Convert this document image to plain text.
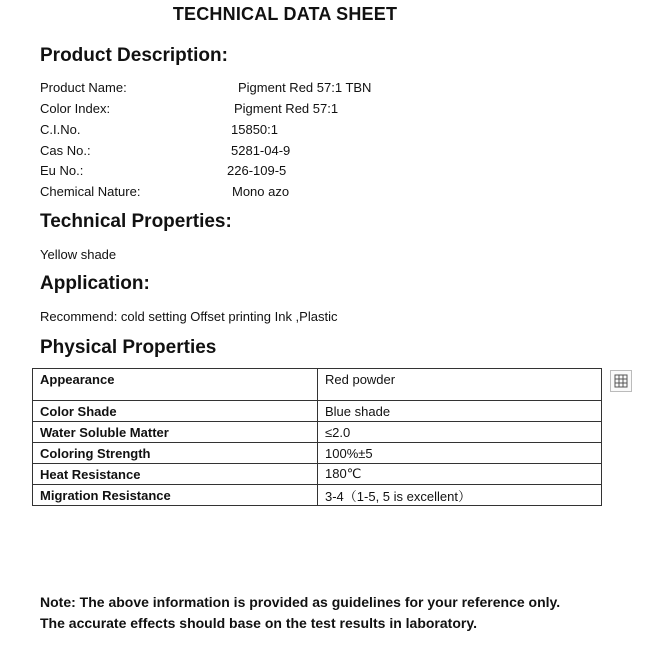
TECHNICAL DATA SHEET
Product Description:
Product Name:	Pigment Red 57:1 TBN
Color Index:	Pigment Red 57:1
C.I.No.	15850:1
Cas No.:	5281-04-9
Eu No.:	226-109-5
Chemical Nature:	Mono azo
Technical Properties:
Yellow shade
Application:
Recommend: cold setting Offset printing Ink ,Plastic
Physical Properties
Appearance	Red powder
Color Shade	Blue shade
Water Soluble Matter	≤2.0
Coloring Strength	100%±5
Heat Resistance	180℃
Migration Resistance	3-4（1-5, 5 is excellent）
Note: The above information is provided as guidelines for your reference only.
The accurate effects should base on the test results in laboratory.
